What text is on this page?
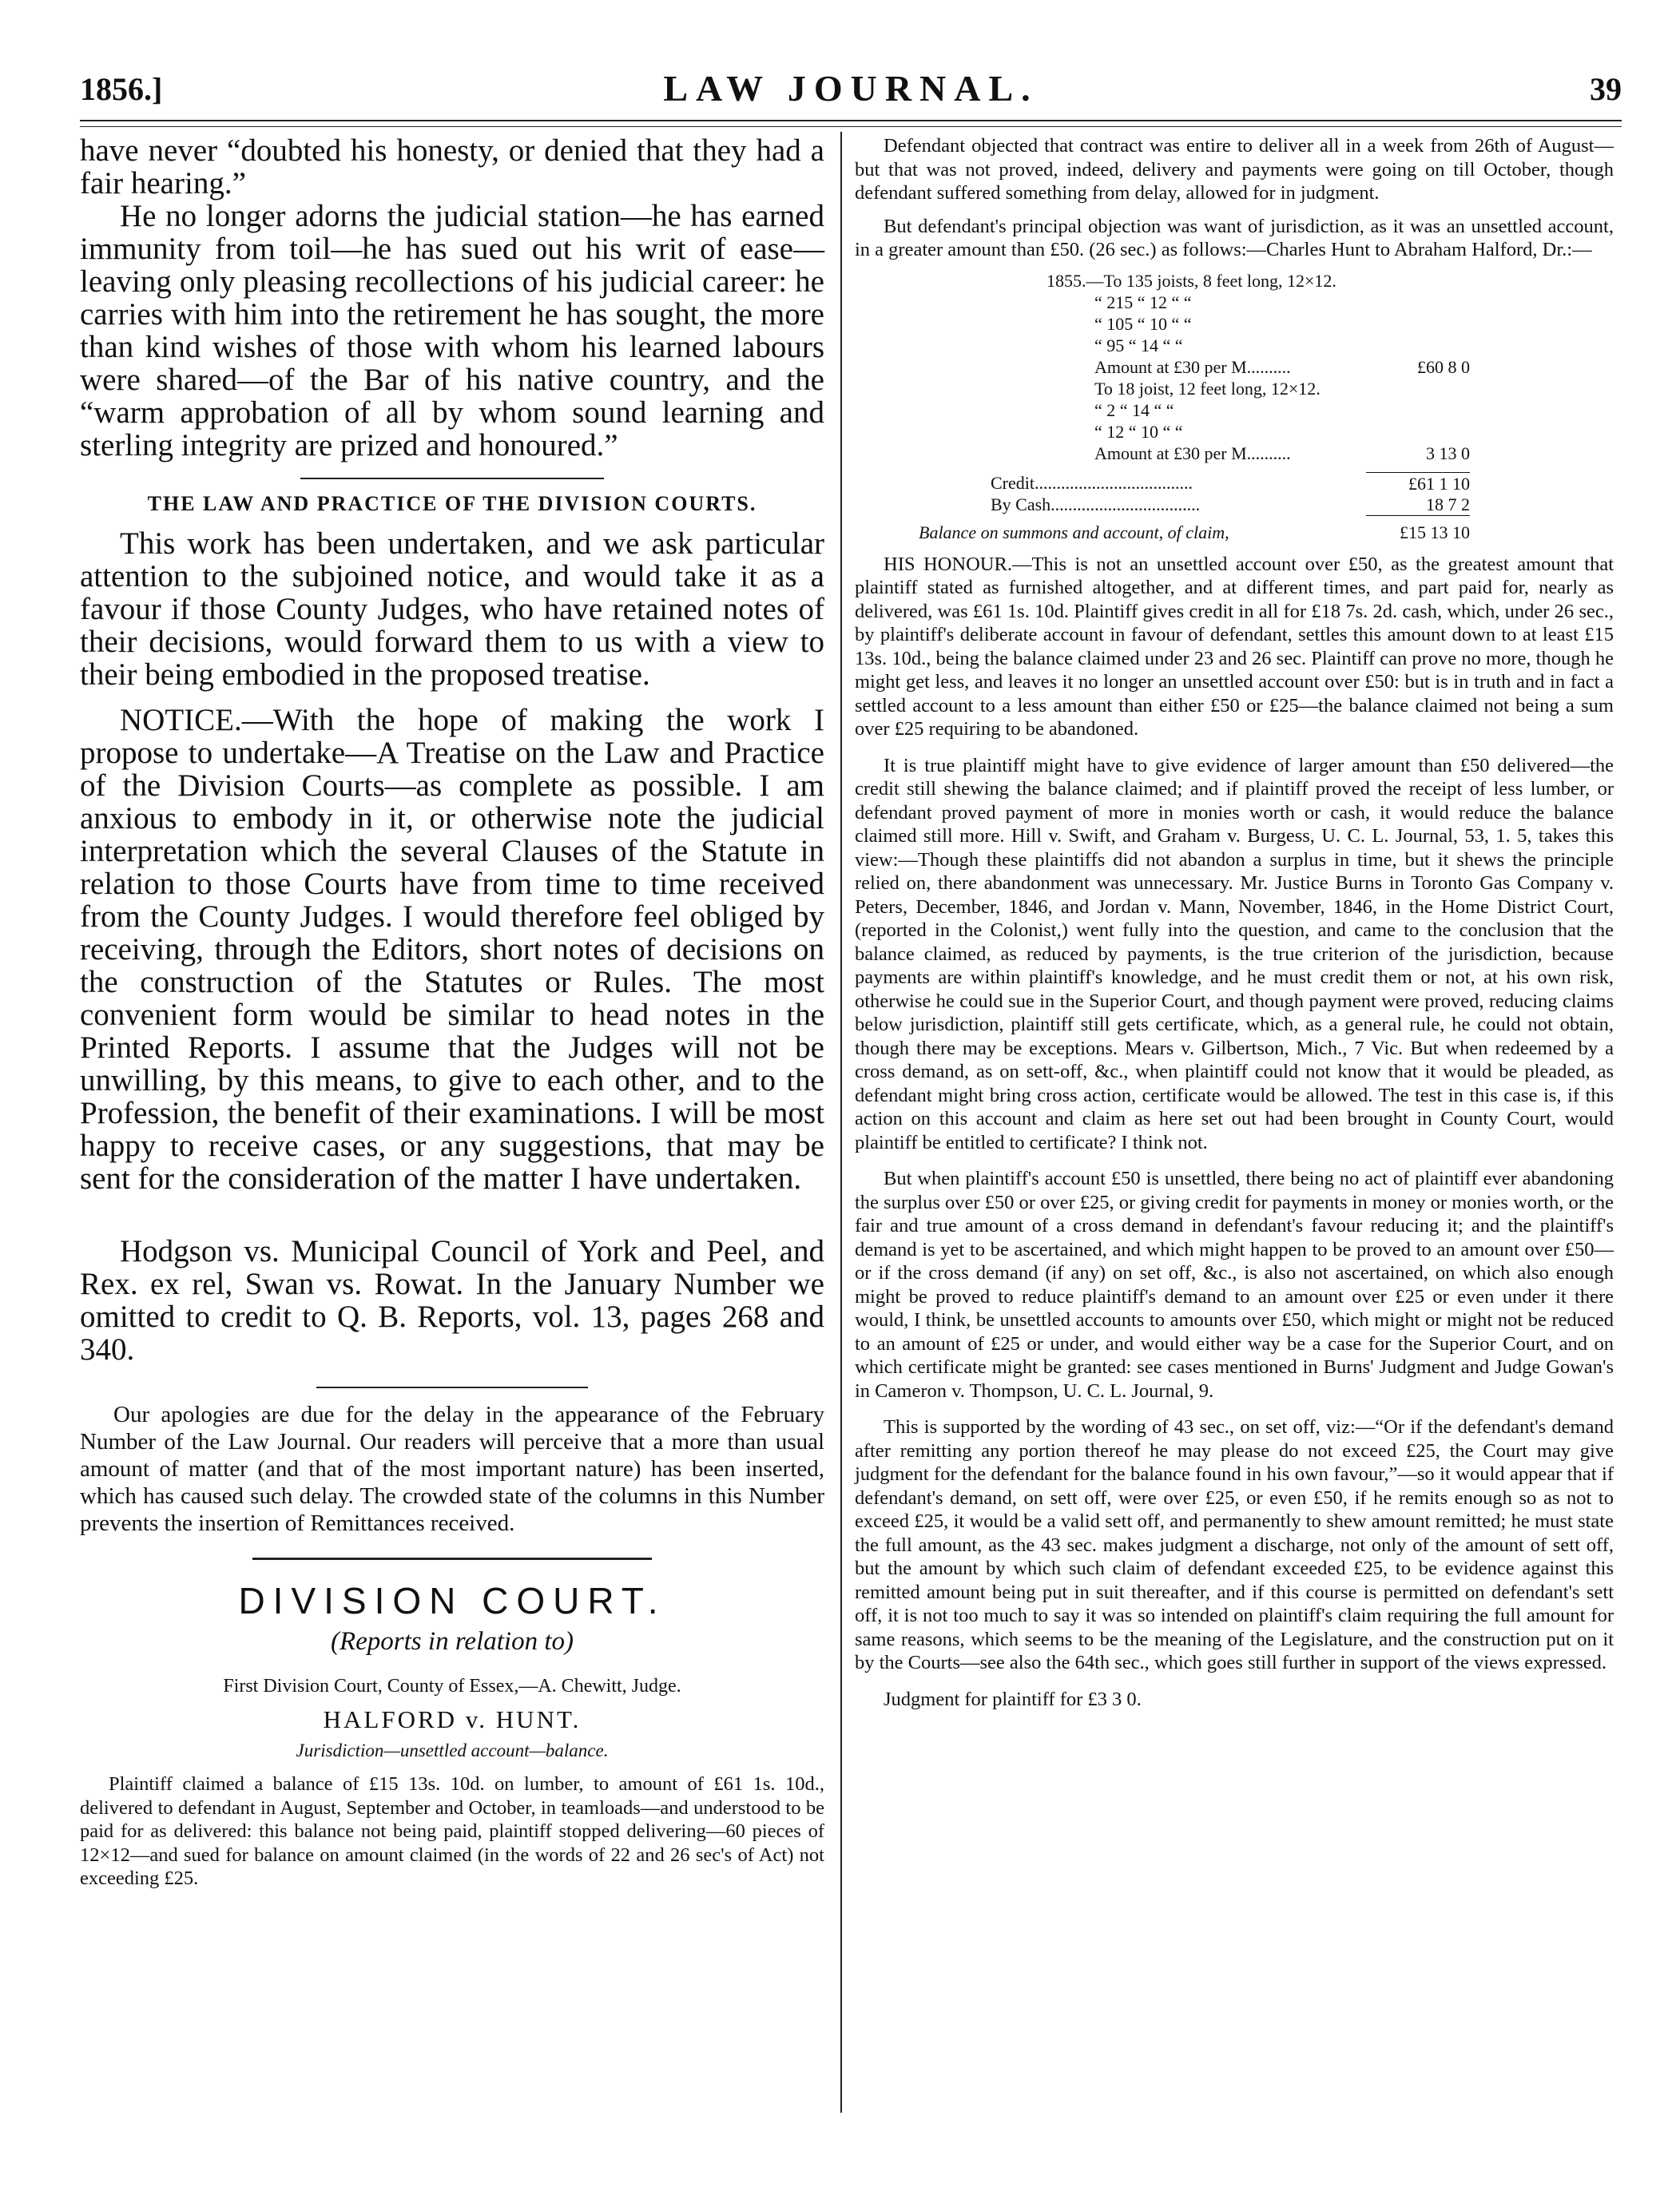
1856.]	LAW JOURNAL.	39

have never “doubted his honesty, or denied that they had a fair hearing.”

He no longer adorns the judicial station—he has earned immunity from toil—he has sued out his writ of ease—leaving only pleasing recollections of his judicial career: he carries with him into the retirement he has sought, the more than kind wishes of those with whom his learned labours were shared—of the Bar of his native country, and the “warm approbation of all by whom sound learning and sterling integrity are prized and honoured.”

THE LAW AND PRACTICE OF THE DIVISION COURTS.

This work has been undertaken, and we ask particular attention to the subjoined notice, and would take it as a favour if those County Judges, who have retained notes of their decisions, would forward them to us with a view to their being embodied in the proposed treatise.

NOTICE.—With the hope of making the work I propose to undertake—A Treatise on the Law and Practice of the Division Courts—as complete as possible. I am anxious to embody in it, or otherwise note the judicial interpretation which the several Clauses of the Statute in relation to those Courts have from time to time received from the County Judges. I would therefore feel obliged by receiving, through the Editors, short notes of decisions on the construction of the Statutes or Rules. The most convenient form would be similar to head notes in the Printed Reports. I assume that the Judges will not be unwilling, by this means, to give to each other, and to the Profession, the benefit of their examinations. I will be most happy to receive cases, or any suggestions, that may be sent for the consideration of the matter I have undertaken.

Hodgson vs. Municipal Council of York and Peel, and Rex. ex rel, Swan vs. Rowat. In the January Number we omitted to credit to Q. B. Reports, vol. 13, pages 268 and 340.

Our apologies are due for the delay in the appearance of the February Number of the Law Journal. Our readers will perceive that a more than usual amount of matter (and that of the most important nature) has been inserted, which has caused such delay. The crowded state of the columns in this Number prevents the insertion of Remittances received.

DIVISION COURT.
(Reports in relation to)
First Division Court, County of Essex,—A. Chewitt, Judge.
HALFORD v. HUNT.
Jurisdiction—unsettled account—balance.

Plaintiff claimed a balance of £15 13s. 10d. on lumber, to amount of £61 1s. 10d., delivered to defendant in August, September and October, in teamloads—and understood to be paid for as delivered: this balance not being paid, plaintiff stopped delivering—60 pieces of 12×12—and sued for balance on amount claimed (in the words of 22 and 26 sec's of Act) not exceeding £25.

Defendant objected that contract was entire to deliver all in a week from 26th of August—but that was not proved, indeed, delivery and payments were going on till October, though defendant suffered something from delay, allowed for in judgment.

But defendant's principal objection was want of jurisdiction, as it was an unsettled account, in a greater amount than £50. (26 sec.) as follows:—Charles Hunt to Abraham Halford, Dr.:—

1855.—To 135 joists, 8 feet long, 12×12.
“ 215 “ 12 “ “
“ 105 “ 10 “ “
“ 95 “ 14 “ “
Amount at £30 per M..........	£60 8 0
To 18 joist, 12 feet long, 12×12.
“ 2 “ 14 “ “
“ 12 “ 10 “ “
Amount at £30 per M..........	3 13 0
Credit....................................	£61 1 10
By Cash..................................	18 7 2
Balance on summons and account, of claim,	£15 13 10

HIS HONOUR.—This is not an unsettled account over £50, as the greatest amount that plaintiff stated as furnished altogether, and at different times, and part paid for, nearly as delivered, was £61 1s. 10d. Plaintiff gives credit in all for £18 7s. 2d. cash, which, under 26 sec., by plaintiff's deliberate account in favour of defendant, settles this amount down to at least £15 13s. 10d., being the balance claimed under 23 and 26 sec. Plaintiff can prove no more, though he might get less, and leaves it no longer an unsettled account over £50: but is in truth and in fact a settled account to a less amount than either £50 or £25—the balance claimed not being a sum over £25 requiring to be abandoned.

It is true plaintiff might have to give evidence of larger amount than £50 delivered—the credit still shewing the balance claimed; and if plaintiff proved the receipt of less lumber, or defendant proved payment of more in monies worth or cash, it would reduce the balance claimed still more. Hill v. Swift, and Graham v. Burgess, U. C. L. Journal, 53, 1. 5, takes this view:—Though these plaintiffs did not abandon a surplus in time, but it shews the principle relied on, there abandonment was unnecessary. Mr. Justice Burns in Toronto Gas Company v. Peters, December, 1846, and Jordan v. Mann, November, 1846, in the Home District Court, (reported in the Colonist,) went fully into the question, and came to the conclusion that the balance claimed, as reduced by payments, is the true criterion of the jurisdiction, because payments are within plaintiff's knowledge, and he must credit them or not, at his own risk, otherwise he could sue in the Superior Court, and though payment were proved, reducing claims below jurisdiction, plaintiff still gets certificate, which, as a general rule, he could not obtain, though there may be exceptions. Mears v. Gilbertson, Mich., 7 Vic. But when redeemed by a cross demand, as on sett-off, &c., when plaintiff could not know that it would be pleaded, as defendant might bring cross action, certificate would be allowed. The test in this case is, if this action on this account and claim as here set out had been brought in County Court, would plaintiff be entitled to certificate? I think not.

But when plaintiff's account £50 is unsettled, there being no act of plaintiff ever abandoning the surplus over £50 or over £25, or giving credit for payments in money or monies worth, or the fair and true amount of a cross demand in defendant's favour reducing it; and the plaintiff's demand is yet to be ascertained, and which might happen to be proved to an amount over £50—or if the cross demand (if any) on set off, &c., is also not ascertained, on which also enough might be proved to reduce plaintiff's demand to an amount over £25 or even under it there would, I think, be unsettled accounts to amounts over £50, which might or might not be reduced to an amount of £25 or under, and would either way be a case for the Superior Court, and on which certificate might be granted: see cases mentioned in Burns' Judgment and Judge Gowan's in Cameron v. Thompson, U. C. L. Journal, 9.

This is supported by the wording of 43 sec., on set off, viz:—“Or if the defendant's demand after remitting any portion thereof he may please do not exceed £25, the Court may give judgment for the defendant for the balance found in his own favour,”—so it would appear that if defendant's demand, on sett off, were over £25, or even £50, if he remits enough so as not to exceed £25, it would be a valid sett off, and permanently to shew amount remitted; he must state the full amount, as the 43 sec. makes judgment a discharge, not only of the amount of sett off, but the amount by which such claim of defendant exceeded £25, to be evidence against this remitted amount being put in suit thereafter, and if this course is permitted on defendant's sett off, it is not too much to say it was so intended on plaintiff's claim requiring the full amount for same reasons, which seems to be the meaning of the Legislature, and the construction put on it by the Courts—see also the 64th sec., which goes still further in support of the views expressed.

Judgment for plaintiff for £3 3 0.
